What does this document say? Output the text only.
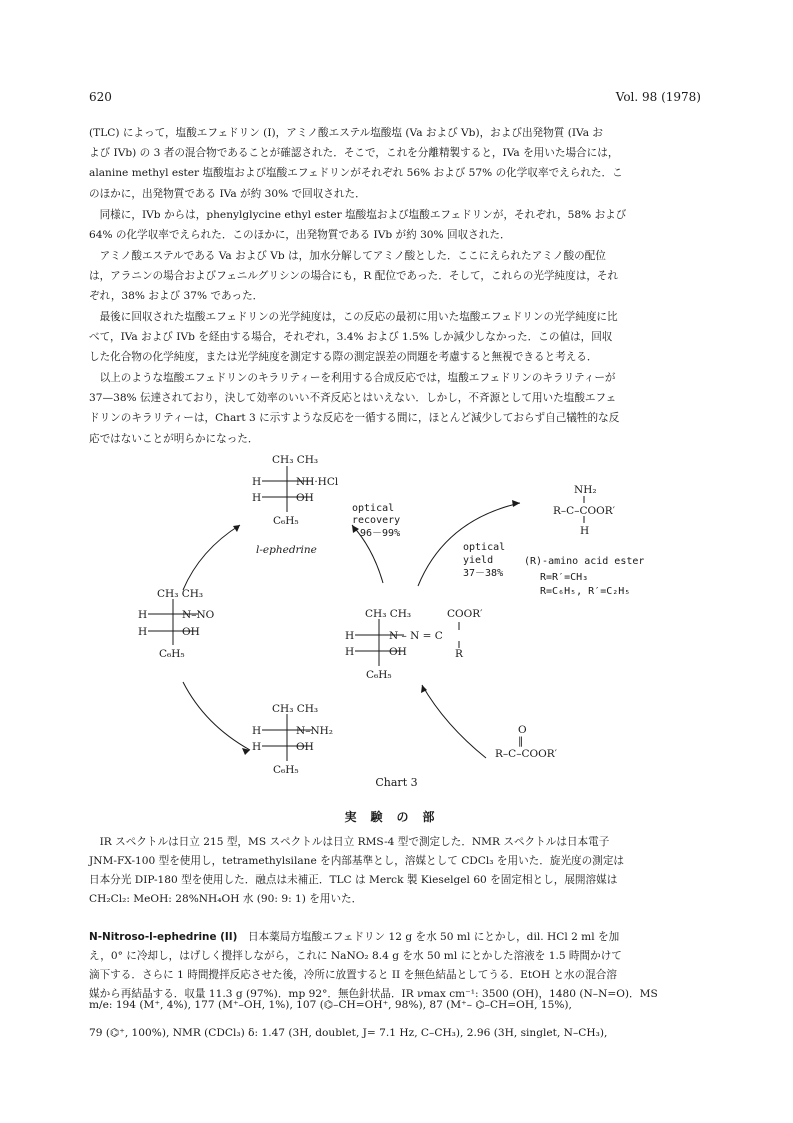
620	Vol. 98 (1978)

(TLC) によって，塩酸エフェドリン (I)，アミノ酸エステル塩酸塩 (Va および Vb)，および出発物質 (IVa お
よび IVb) の 3 者の混合物であることが確認された．そこで，これを分離精製すると，IVa を用いた場合には，
alanine methyl ester 塩酸塩および塩酸エフェドリンがそれぞれ 56% および 57% の化学収率でえられた．こ
のほかに，出発物質である IVa が約 30% で回収された．

　同様に，IVb からは，phenylglycine ethyl ester 塩酸塩および塩酸エフェドリンが，それぞれ，58% および
64% の化学収率でえられた．このほかに，出発物質である IVb が約 30% 回収された．

　アミノ酸エステルである Va および Vb は，加水分解してアミノ酸とした．ここにえられたアミノ酸の配位
は，アラニンの場合およびフェニルグリシンの場合にも，R 配位であった．そして，これらの光学純度は，それ
ぞれ，38% および 37% であった．

　最後に回収された塩酸エフェドリンの光学純度は，この反応の最初に用いた塩酸エフェドリンの光学純度に比
べて，IVa および IVb を経由する場合，それぞれ，3.4% および 1.5% しか減少しなかった．この値は，回収
した化合物の化学純度，または光学純度を測定する際の測定誤差の問題を考慮すると無視できると考える．

　以上のような塩酸エフェドリンのキラリティーを利用する合成反応では，塩酸エフェドリンのキラリティーが
37—38% 伝達されており，決して効率のいい不斉反応とはいえない．しかし，不斉源として用いた塩酸エフェ
ドリンのキラリティーは，Chart 3 に示すような反応を一循する間に，ほとんど減少しておらず自己犠牲的な反
応ではないことが明らかになった．

CH₃ CH₃
H	NH·HCl
H	OH
C₆H₅
l-ephedrine
optical
recovery
96－99%
NH₂
R–C–COOR′
H
(R)-amino acid ester
R=R′=CH₃
R=C₆H₅, R′=C₂H₅
optical
yield
37－38%
CH₃ CH₃
H	N–NO
H	OH
C₆H₅
CH₃ CH₃	COOR′
H	N – N = C
H	OH	R
C₆H₅
CH₃ CH₃
H	N–NH₂
H	OH
C₆H₅
O
‖
R–C–COOR′
Chart 3
実験の部

　IR スペクトルは日立 215 型，MS スペクトルは日立 RMS-4 型で測定した．NMR スペクトルは日本電子
JNM-FX-100 型を使用し，tetramethylsilane を内部基準とし，溶媒として CDCl₃ を用いた．旋光度の測定は
日本分光 DIP-180 型を使用した．融点は未補正．TLC は Merck 製 Kieselgel 60 を固定相とし，展開溶媒は
CH₂Cl₂: MeOH: 28%NH₄OH 水 (90: 9: 1) を用いた．

N-Nitroso-l-ephedrine (II)　日本薬局方塩酸エフェドリン 12 g を水 50 ml にとかし，dil. HCl 2 ml を加
え，0° に冷却し，はげしく攪拌しながら，これに NaNO₂ 8.4 g を水 50 ml にとかした溶液を 1.5 時間かけて
滴下する．さらに 1 時間攪拌反応させた後，冷所に放置すると II を無色結晶としてうる．EtOH と水の混合溶
媒から再結晶する．収量 11.3 g (97%)．mp 92°．無色針状晶．IR νmax cm⁻¹: 3500 (OH)，1480 (N–N=O)．MS

m/e: 194 (M⁺, 4%), 177 (M⁺–OH, 1%), 107 (⌬–CH=OH⁺, 98%), 87 (M⁺– ⌬–CH=OH, 15%),

79 (⌬⁺, 100%), NMR (CDCl₃) δ: 1.47 (3H, doublet, J= 7.1 Hz, C–CH₃), 2.96 (3H, singlet, N–CH₃),
